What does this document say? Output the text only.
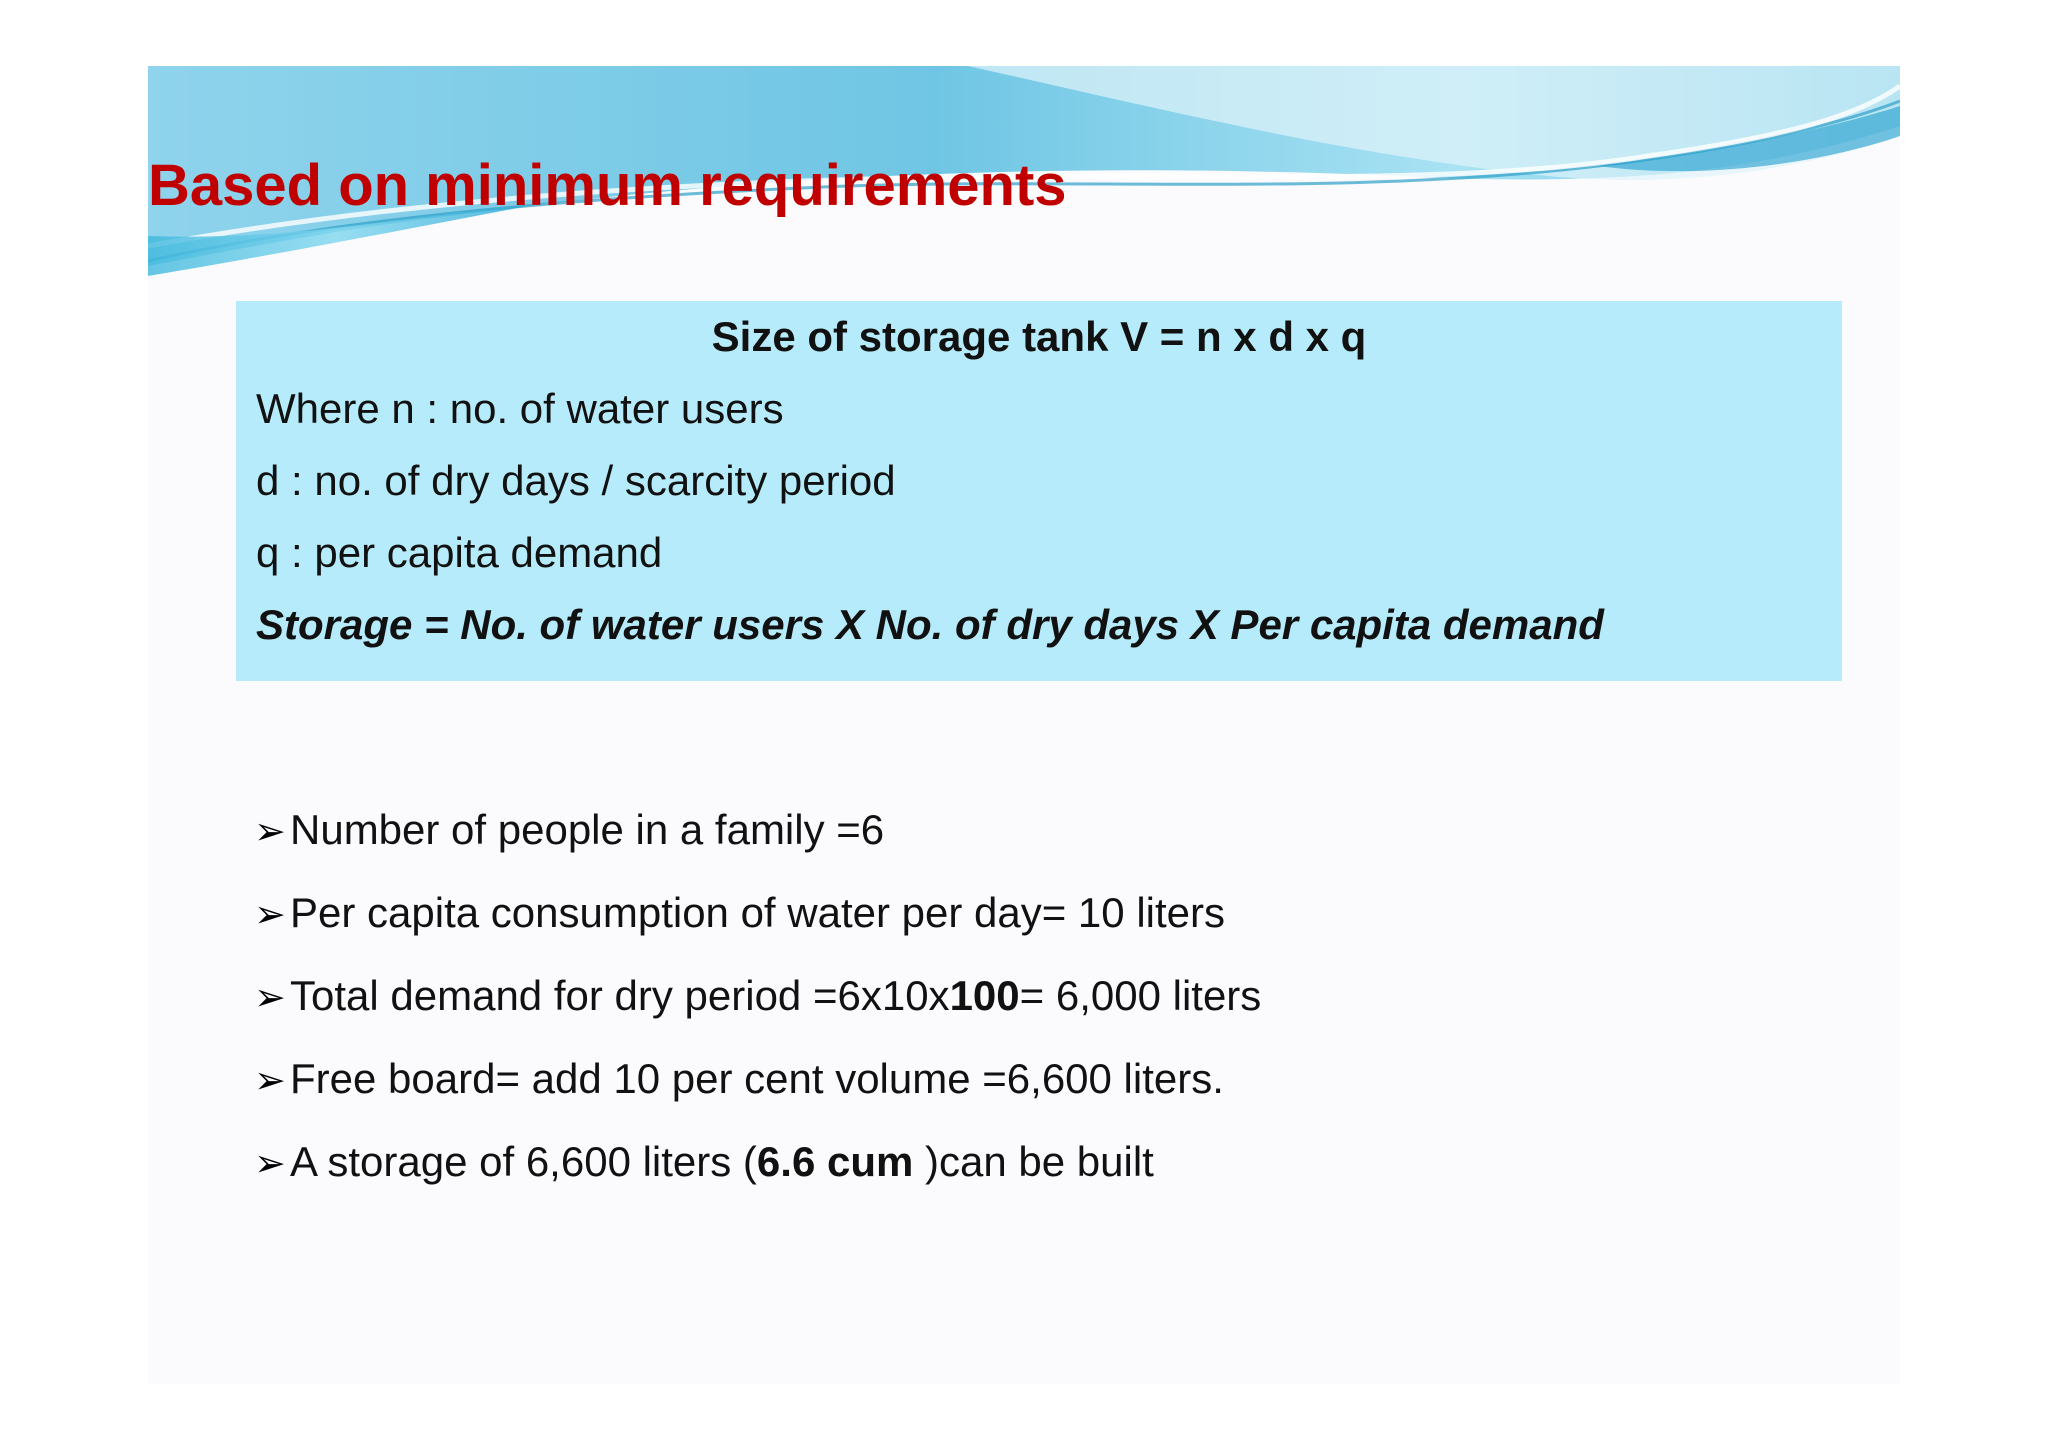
Based on minimum requirements
Size of storage tank V = n x d x q
Where n : no. of water users
d : no. of dry days / scarcity period
q : per capita demand
Storage = No. of water users X No. of dry days X Per capita demand
➢Number of people in a family =6
➢Per capita consumption of water per day= 10 liters
➢Total demand for dry period =6x10x100= 6,000 liters
➢Free board= add 10 per cent volume =6,600 liters.
➢A storage of 6,600 liters (6.6 cum )can be built
